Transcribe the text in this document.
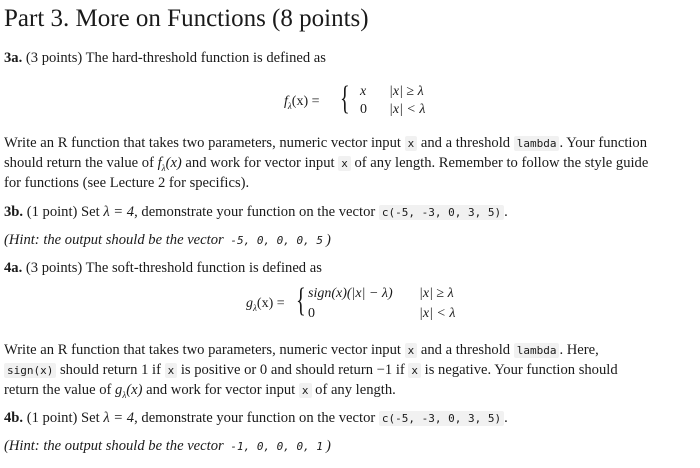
Part 3. More on Functions (8 points)
3a. (3 points) The hard-threshold function is defined as
$f_\lambda(x)$ = { x |x| ≥ λ
0 |x| < λ
Write an R function that takes two parameters, numeric vector input x and a threshold lambda . Your function
should return the value of $f_\lambda(x)$ and work for vector input x of any length. Remember to follow the style guide
for functions (see Lecture 2 for specifics).
3b. (1 point) Set λ = 4, demonstrate your function on the vector c(-5, -3, 0, 3, 5) .
(Hint: the output should be the vector -5, 0, 0, 0, 5 )
4a. (3 points) The soft-threshold function is defined as
$g_\lambda(x)$ = { sign(x)(|x| − λ) |x| ≥ λ
0	|x| < λ
Write an R function that takes two parameters, numeric vector input x and a threshold lambda . Here,
sign(x) should return 1 if x is positive or 0 and should return −1 if x is negative. Your function should
return the value of $g_\lambda(x)$ and work for vector input x of any length.
4b. (1 point) Set λ = 4, demonstrate your function on the vector c(-5, -3, 0, 3, 5) .
(Hint: the output should be the vector -1, 0, 0, 0, 1 )
